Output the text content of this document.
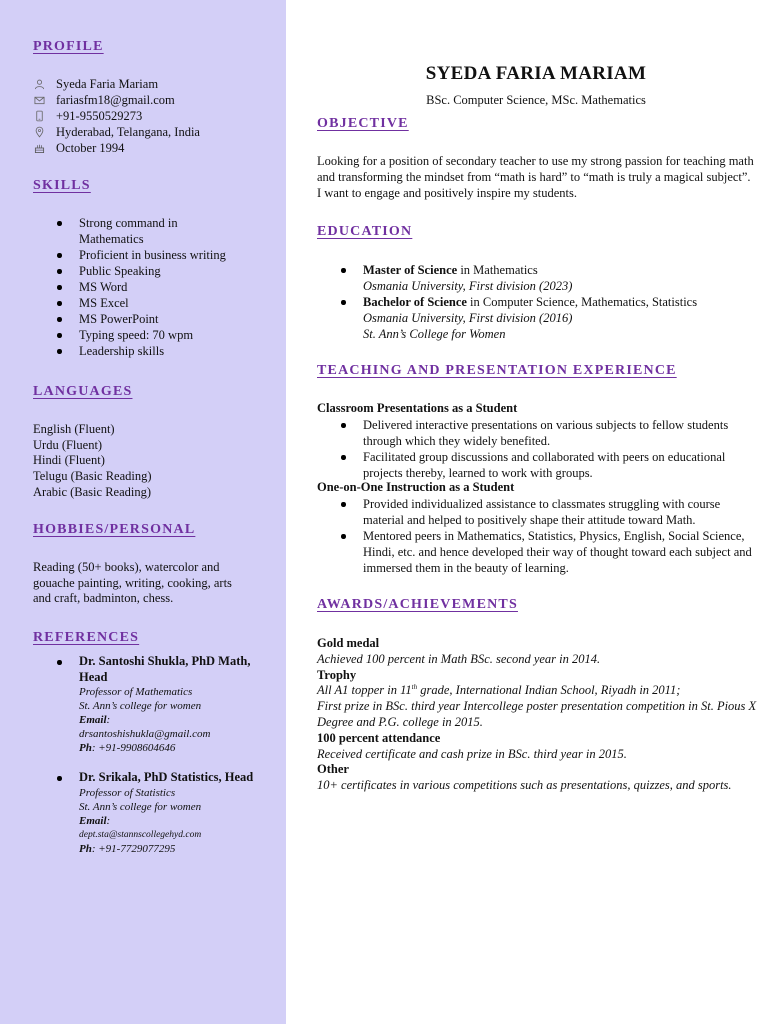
PROFILE
Syeda Faria Mariam
fariasfm18@gmail.com
+91-9550529273
Hyderabad, Telangana, India
October 1994
SKILLS
Strong command in Mathematics
Proficient in business writing
Public Speaking
MS Word
MS Excel
MS PowerPoint
Typing speed: 70 wpm
Leadership skills
LANGUAGES
English (Fluent)
Urdu (Fluent)
Hindi (Fluent)
Telugu (Basic Reading)
Arabic (Basic Reading)
HOBBIES/PERSONAL
Reading (50+ books), watercolor and gouache painting, writing, cooking, arts and craft, badminton, chess.
REFERENCES
Dr. Santoshi Shukla, PhD Math, Head
Professor of Mathematics
St. Ann’s college for women
Email:
drsantoshishukla@gmail.com
Ph: +91-9908604646
Dr. Srikala, PhD Statistics, Head
Professor of Statistics
St. Ann’s college for women
Email:
dept.sta@stannscollegehyd.com
Ph: +91-7729077295
SYEDA FARIA MARIAM
BSc. Computer Science, MSc. Mathematics
OBJECTIVE
Looking for a position of secondary teacher to use my strong passion for teaching math and transforming the mindset from “math is hard” to “math is truly a magical subject”. I want to engage and positively inspire my students.
EDUCATION
Master of Science in Mathematics
Osmania University, First division (2023)
Bachelor of Science in Computer Science, Mathematics, Statistics
Osmania University, First division (2016)
St. Ann’s College for Women
TEACHING AND PRESENTATION EXPERIENCE
Classroom Presentations as a Student
Delivered interactive presentations on various subjects to fellow students through which they widely benefited.
Facilitated group discussions and collaborated with peers on educational projects thereby, learned to work with groups.
One-on-One Instruction as a Student
Provided individualized assistance to classmates struggling with course material and helped to positively shape their attitude toward Math.
Mentored peers in Mathematics, Statistics, Physics, English, Social Science, Hindi, etc. and hence developed their way of thought toward each subject and immersed them in the beauty of learning.
AWARDS/ACHIEVEMENTS
Gold medal
Achieved 100 percent in Math BSc. second year in 2014.
Trophy
All A1 topper in 11th grade, International Indian School, Riyadh in 2011;
First prize in BSc. third year Intercollege poster presentation competition in St. Pious X Degree and P.G. college in 2015.
100 percent attendance
Received certificate and cash prize in BSc. third year in 2015.
Other
10+ certificates in various competitions such as presentations, quizzes, and sports.
